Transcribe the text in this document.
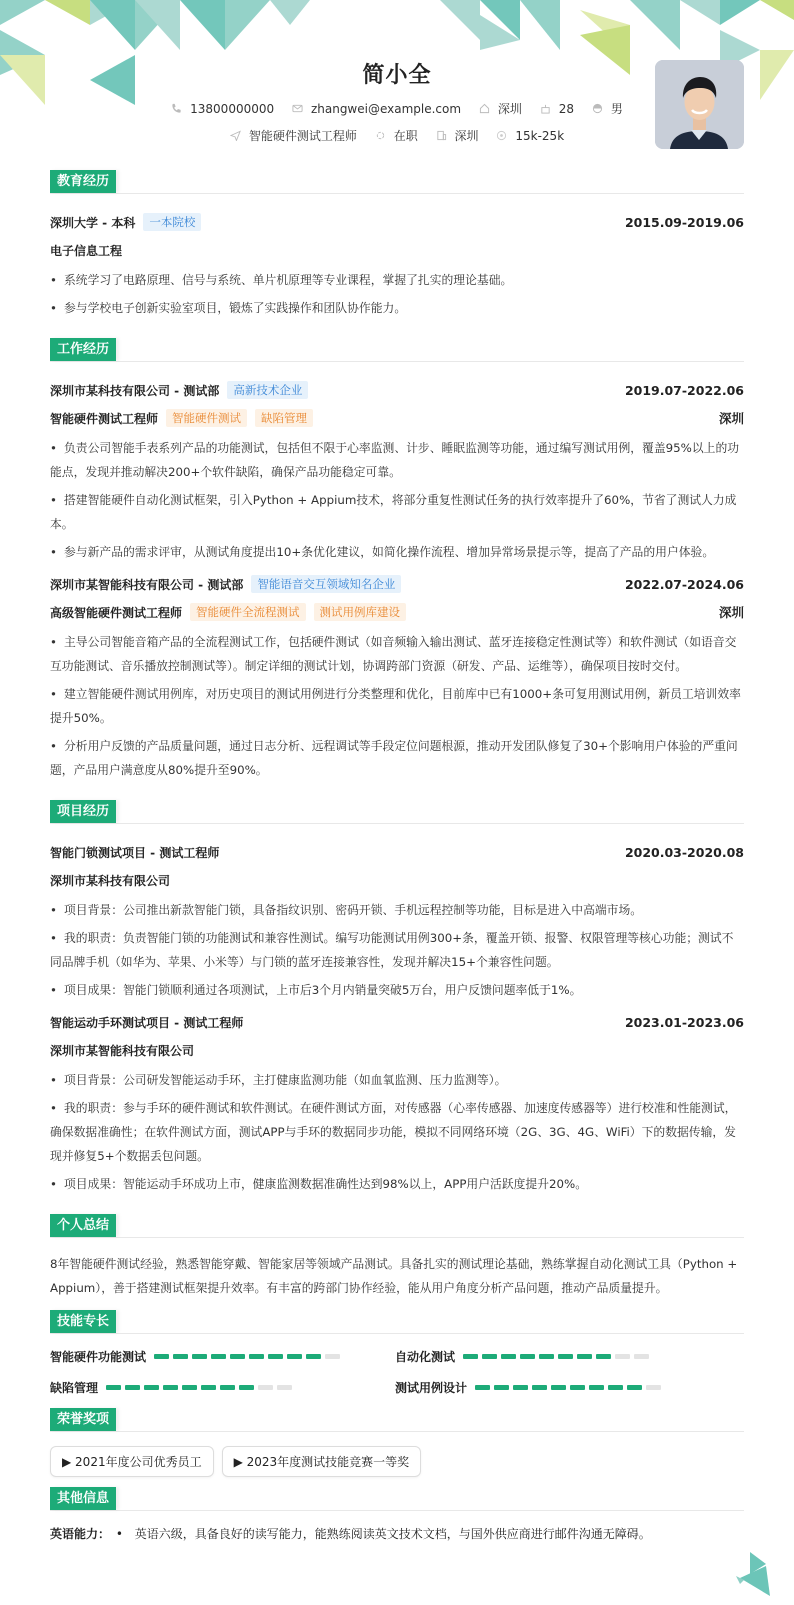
简小全
13800000000
	zhangwei@example.com
	深圳
	28
	男
智能硬件测试工程师
	在职
	深圳
	15k-25k
教育经历
深圳大学 - 本科	一本院校	2015.09-2019.06
电子信息工程
• 系统学习了电路原理、信号与系统、单片机原理等专业课程，掌握了扎实的理论基础。
• 参与学校电子创新实验室项目，锻炼了实践操作和团队协作能力。
工作经历
深圳市某科技有限公司 - 测试部	高新技术企业	2019.07-2022.06
智能硬件测试工程师	智能硬件测试	缺陷管理	深圳
• 负责公司智能手表系列产品的功能测试，包括但不限于心率监测、计步、睡眠监测等功能，通过编写测试用例，覆盖95%以上的功能点，发现并推动解决200+个软件缺陷，确保产品功能稳定可靠。
• 搭建智能硬件自动化测试框架，引入Python + Appium技术，将部分重复性测试任务的执行效率提升了60%，节省了测试人力成本。
• 参与新产品的需求评审，从测试角度提出10+条优化建议，如简化操作流程、增加异常场景提示等，提高了产品的用户体验。
深圳市某智能科技有限公司 - 测试部	智能语音交互领域知名企业	2022.07-2024.06
高级智能硬件测试工程师	智能硬件全流程测试	测试用例库建设	深圳
• 主导公司智能音箱产品的全流程测试工作，包括硬件测试（如音频输入输出测试、蓝牙连接稳定性测试等）和软件测试（如语音交互功能测试、音乐播放控制测试等）。制定详细的测试计划，协调跨部门资源（研发、产品、运维等），确保项目按时交付。
• 建立智能硬件测试用例库，对历史项目的测试用例进行分类整理和优化，目前库中已有1000+条可复用测试用例，新员工培训效率提升50%。
• 分析用户反馈的产品质量问题，通过日志分析、远程调试等手段定位问题根源，推动开发团队修复了30+个影响用户体验的严重问题，产品用户满意度从80%提升至90%。
项目经历
智能门锁测试项目 - 测试工程师	2020.03-2020.08
深圳市某科技有限公司
• 项目背景：公司推出新款智能门锁，具备指纹识别、密码开锁、手机远程控制等功能，目标是进入中高端市场。
• 我的职责：负责智能门锁的功能测试和兼容性测试。编写功能测试用例300+条，覆盖开锁、报警、权限管理等核心功能；测试不同品牌手机（如华为、苹果、小米等）与门锁的蓝牙连接兼容性，发现并解决15+个兼容性问题。
• 项目成果：智能门锁顺利通过各项测试，上市后3个月内销量突破5万台，用户反馈问题率低于1%。
智能运动手环测试项目 - 测试工程师	2023.01-2023.06
深圳市某智能科技有限公司
• 项目背景：公司研发智能运动手环，主打健康监测功能（如血氧监测、压力监测等）。
• 我的职责：参与手环的硬件测试和软件测试。在硬件测试方面，对传感器（心率传感器、加速度传感器等）进行校准和性能测试，确保数据准确性；在软件测试方面，测试APP与手环的数据同步功能，模拟不同网络环境（2G、3G、4G、WiFi）下的数据传输，发现并修复5+个数据丢包问题。
• 项目成果：智能运动手环成功上市，健康监测数据准确性达到98%以上，APP用户活跃度提升20%。
个人总结

8年智能硬件测试经验，熟悉智能穿戴、智能家居等领域产品测试。具备扎实的测试理论基础，熟练掌握自动化测试工具（Python + Appium），善于搭建测试框架提升效率。有丰富的跨部门协作经验，能从用户角度分析产品问题，推动产品质量提升。

技能专长
智能硬件功能测试	自动化测试
缺陷管理	测试用例设计
荣誉奖项
▶ 2021年度公司优秀员工	▶ 2023年度测试技能竞赛一等奖
其他信息
英语能力： • 英语六级，具备良好的读写能力，能熟练阅读英文技术文档，与国外供应商进行邮件沟通无障碍。
